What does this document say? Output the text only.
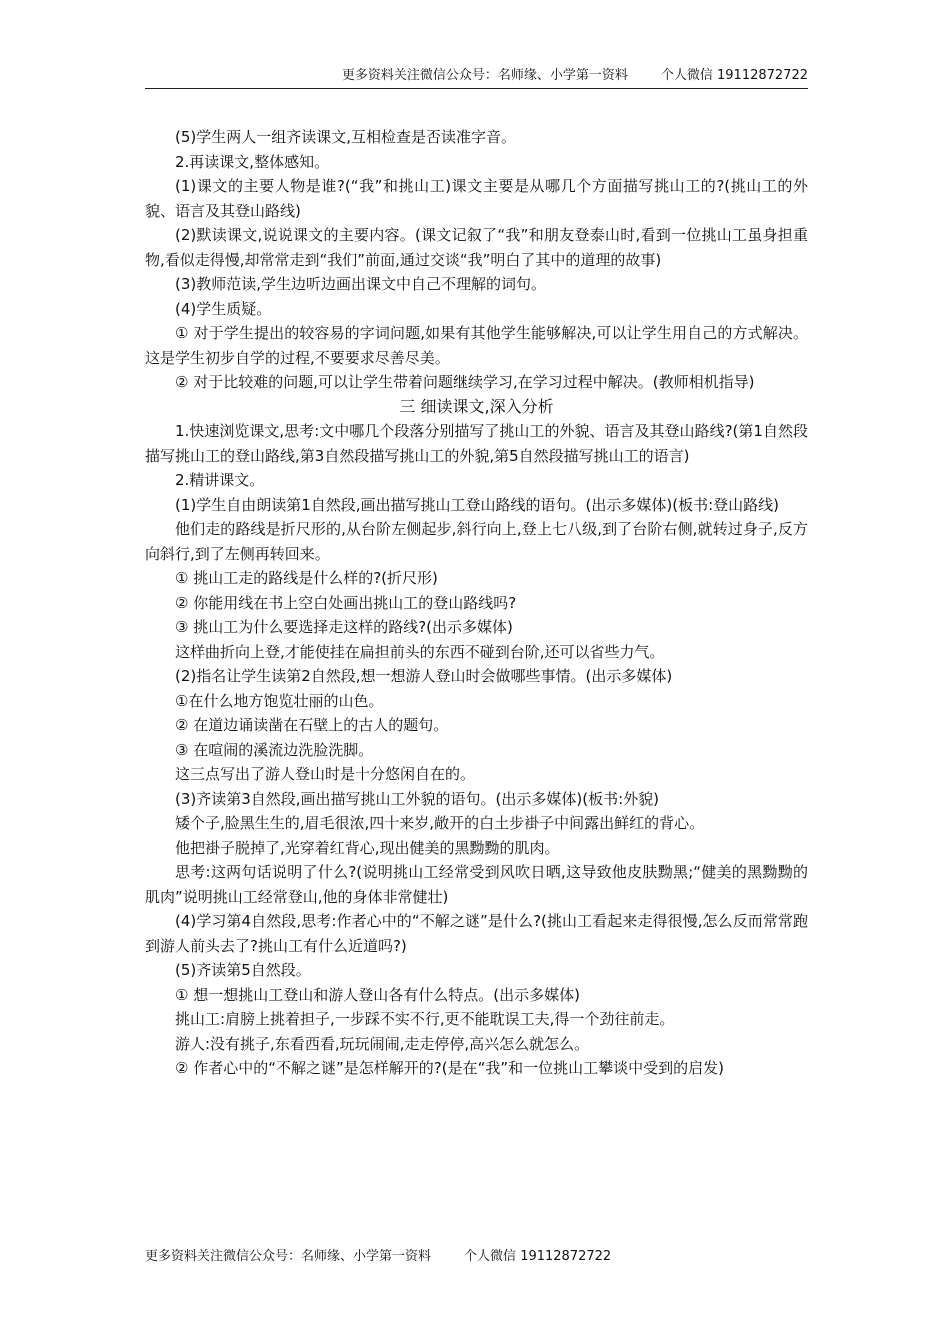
更多资料关注微信公众号：名师缘、小学第一资料        个人微信 19112872722

(5)学生两人一组齐读课文,互相检查是否读准字音。

2.再读课文,整体感知。

(1)课文的主要人物是谁?(“我”和挑山工)课文主要是从哪几个方面描写挑山工的?(挑山工的外貌、语言及其登山路线)

(2)默读课文,说说课文的主要内容。(课文记叙了“我”和朋友登泰山时,看到一位挑山工虽身担重物,看似走得慢,却常常走到“我们”前面,通过交谈“我”明白了其中的道理的故事)

(3)教师范读,学生边听边画出课文中自己不理解的词句。

(4)学生质疑。

① 对于学生提出的较容易的字词问题,如果有其他学生能够解决,可以让学生用自己的方式解决。这是学生初步自学的过程,不要要求尽善尽美。

② 对于比较难的问题,可以让学生带着问题继续学习,在学习过程中解决。(教师相机指导)

三 细读课文,深入分析

1.快速浏览课文,思考:文中哪几个段落分别描写了挑山工的外貌、语言及其登山路线?(第1自然段描写挑山工的登山路线,第3自然段描写挑山工的外貌,第5自然段描写挑山工的语言)

2.精讲课文。

(1)学生自由朗读第1自然段,画出描写挑山工登山路线的语句。(出示多媒体)(板书:登山路线)

他们走的路线是折尺形的,从台阶左侧起步,斜行向上,登上七八级,到了台阶右侧,就转过身子,反方向斜行,到了左侧再转回来。

① 挑山工走的路线是什么样的?(折尺形)

② 你能用线在书上空白处画出挑山工的登山路线吗?

③ 挑山工为什么要选择走这样的路线?(出示多媒体)

这样曲折向上登,才能使挂在扁担前头的东西不碰到台阶,还可以省些力气。

(2)指名让学生读第2自然段,想一想游人登山时会做哪些事情。(出示多媒体)

①在什么地方饱览壮丽的山色。

② 在道边诵读凿在石壁上的古人的题句。

③ 在喧闹的溪流边洗脸洗脚。

这三点写出了游人登山时是十分悠闲自在的。

(3)齐读第3自然段,画出描写挑山工外貌的语句。(出示多媒体)(板书:外貌)

矮个子,脸黑生生的,眉毛很浓,四十来岁,敞开的白土步褂子中间露出鲜红的背心。

他把褂子脱掉了,光穿着红背心,现出健美的黑黝黝的肌肉。

思考:这两句话说明了什么?(说明挑山工经常受到风吹日晒,这导致他皮肤黝黑;“健美的黑黝黝的肌肉”说明挑山工经常登山,他的身体非常健壮)

(4)学习第4自然段,思考:作者心中的“不解之谜”是什么?(挑山工看起来走得很慢,怎么反而常常跑到游人前头去了?挑山工有什么近道吗?)

(5)齐读第5自然段。

① 想一想挑山工登山和游人登山各有什么特点。(出示多媒体)

挑山工:肩膀上挑着担子,一步踩不实不行,更不能耽误工夫,得一个劲往前走。

游人:没有挑子,东看西看,玩玩闹闹,走走停停,高兴怎么就怎么。

② 作者心中的“不解之谜”是怎样解开的?(是在“我”和一位挑山工攀谈中受到的启发)

更多资料关注微信公众号：名师缘、小学第一资料        个人微信 19112872722
